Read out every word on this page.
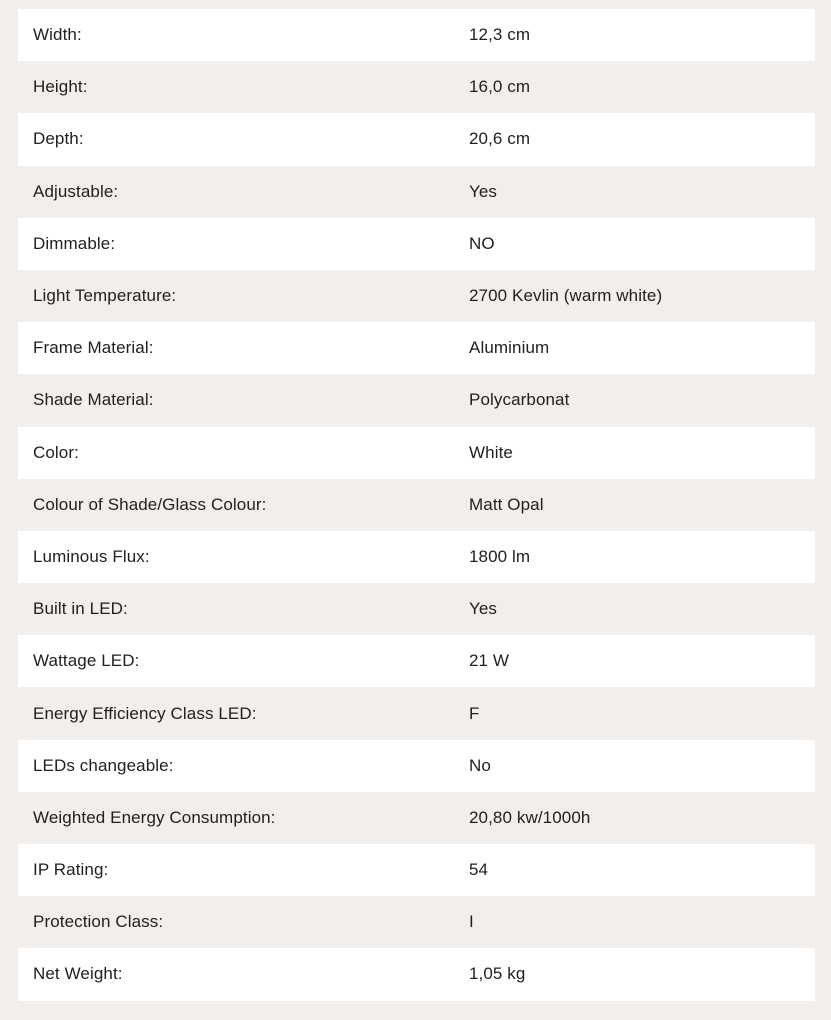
Width:	12,3 cm
Height:	16,0 cm
Depth:	20,6 cm
Adjustable:	Yes
Dimmable:	NO
Light Temperature:	2700 Kevlin (warm white)
Frame Material:	Aluminium
Shade Material:	Polycarbonat
Color:	White
Colour of Shade/Glass Colour:	Matt Opal
Luminous Flux:	1800 lm
Built in LED:	Yes
Wattage LED:	21 W
Energy Efficiency Class LED:	F
LEDs changeable:	No
Weighted Energy Consumption:	20,80 kw/1000h
IP Rating:	54
Protection Class:	I
Net Weight:	1,05 kg
